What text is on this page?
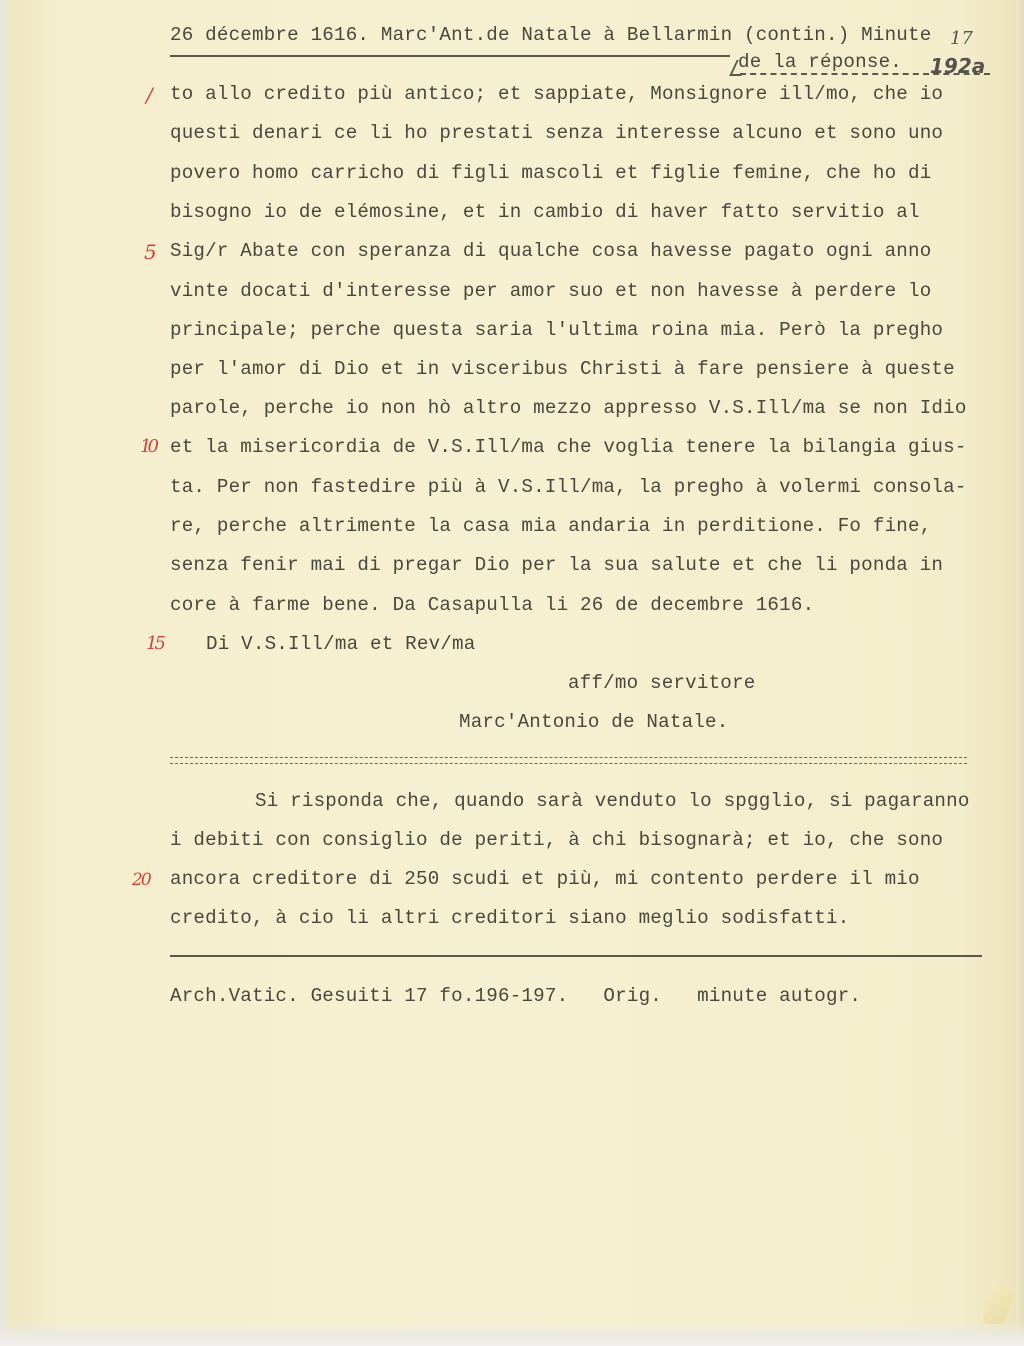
26 décembre 1616. Marc'Ant.de Natale à Bellarmin (contin.) Minute
de la réponse.
17
192a
/
5
10
15
20
to allo credito più antico; et sappiate, Monsignore ill/mo, che io
questi denari ce li ho prestati senza interesse alcuno et sono uno
povero homo carricho di figli mascoli et figlie femine, che ho di
bisogno io de elémosine, et in cambio di haver fatto servitio al
Sig/r Abate con speranza di qualche cosa havesse pagato ogni anno
vinte docati d'interesse per amor suo et non havesse à perdere lo
principale; perche questa saria l'ultima roina mia. Però la pregho
per l'amor di Dio et in visceribus Christi à fare pensiere à queste
parole, perche io non hò altro mezzo appresso V.S.Ill/ma se non Idio
et la misericordia de V.S.Ill/ma che voglia tenere la bilangia gius-
ta. Per non fastedire più à V.S.Ill/ma, la pregho à volermi consola-
re, perche altrimente la casa mia andaria in perditione. Fo fine,
senza fenir mai di pregar Dio per la sua salute et che li ponda in
core à farme bene. Da Casapulla li 26 de decembre 1616.
Di V.S.Ill/ma et Rev/ma
aff/mo servitore
Marc'Antonio de Natale.
Si risponda che, quando sarà venduto lo spgglio, si pagaranno
i debiti con consiglio de periti, à chi bisognarà; et io, che sono
ancora creditore di 250 scudi et più, mi contento perdere il mio
credito, à cio li altri creditori siano meglio sodisfatti.
Arch.Vatic. Gesuiti 17 fo.196-197.   Orig.   minute autogr.
